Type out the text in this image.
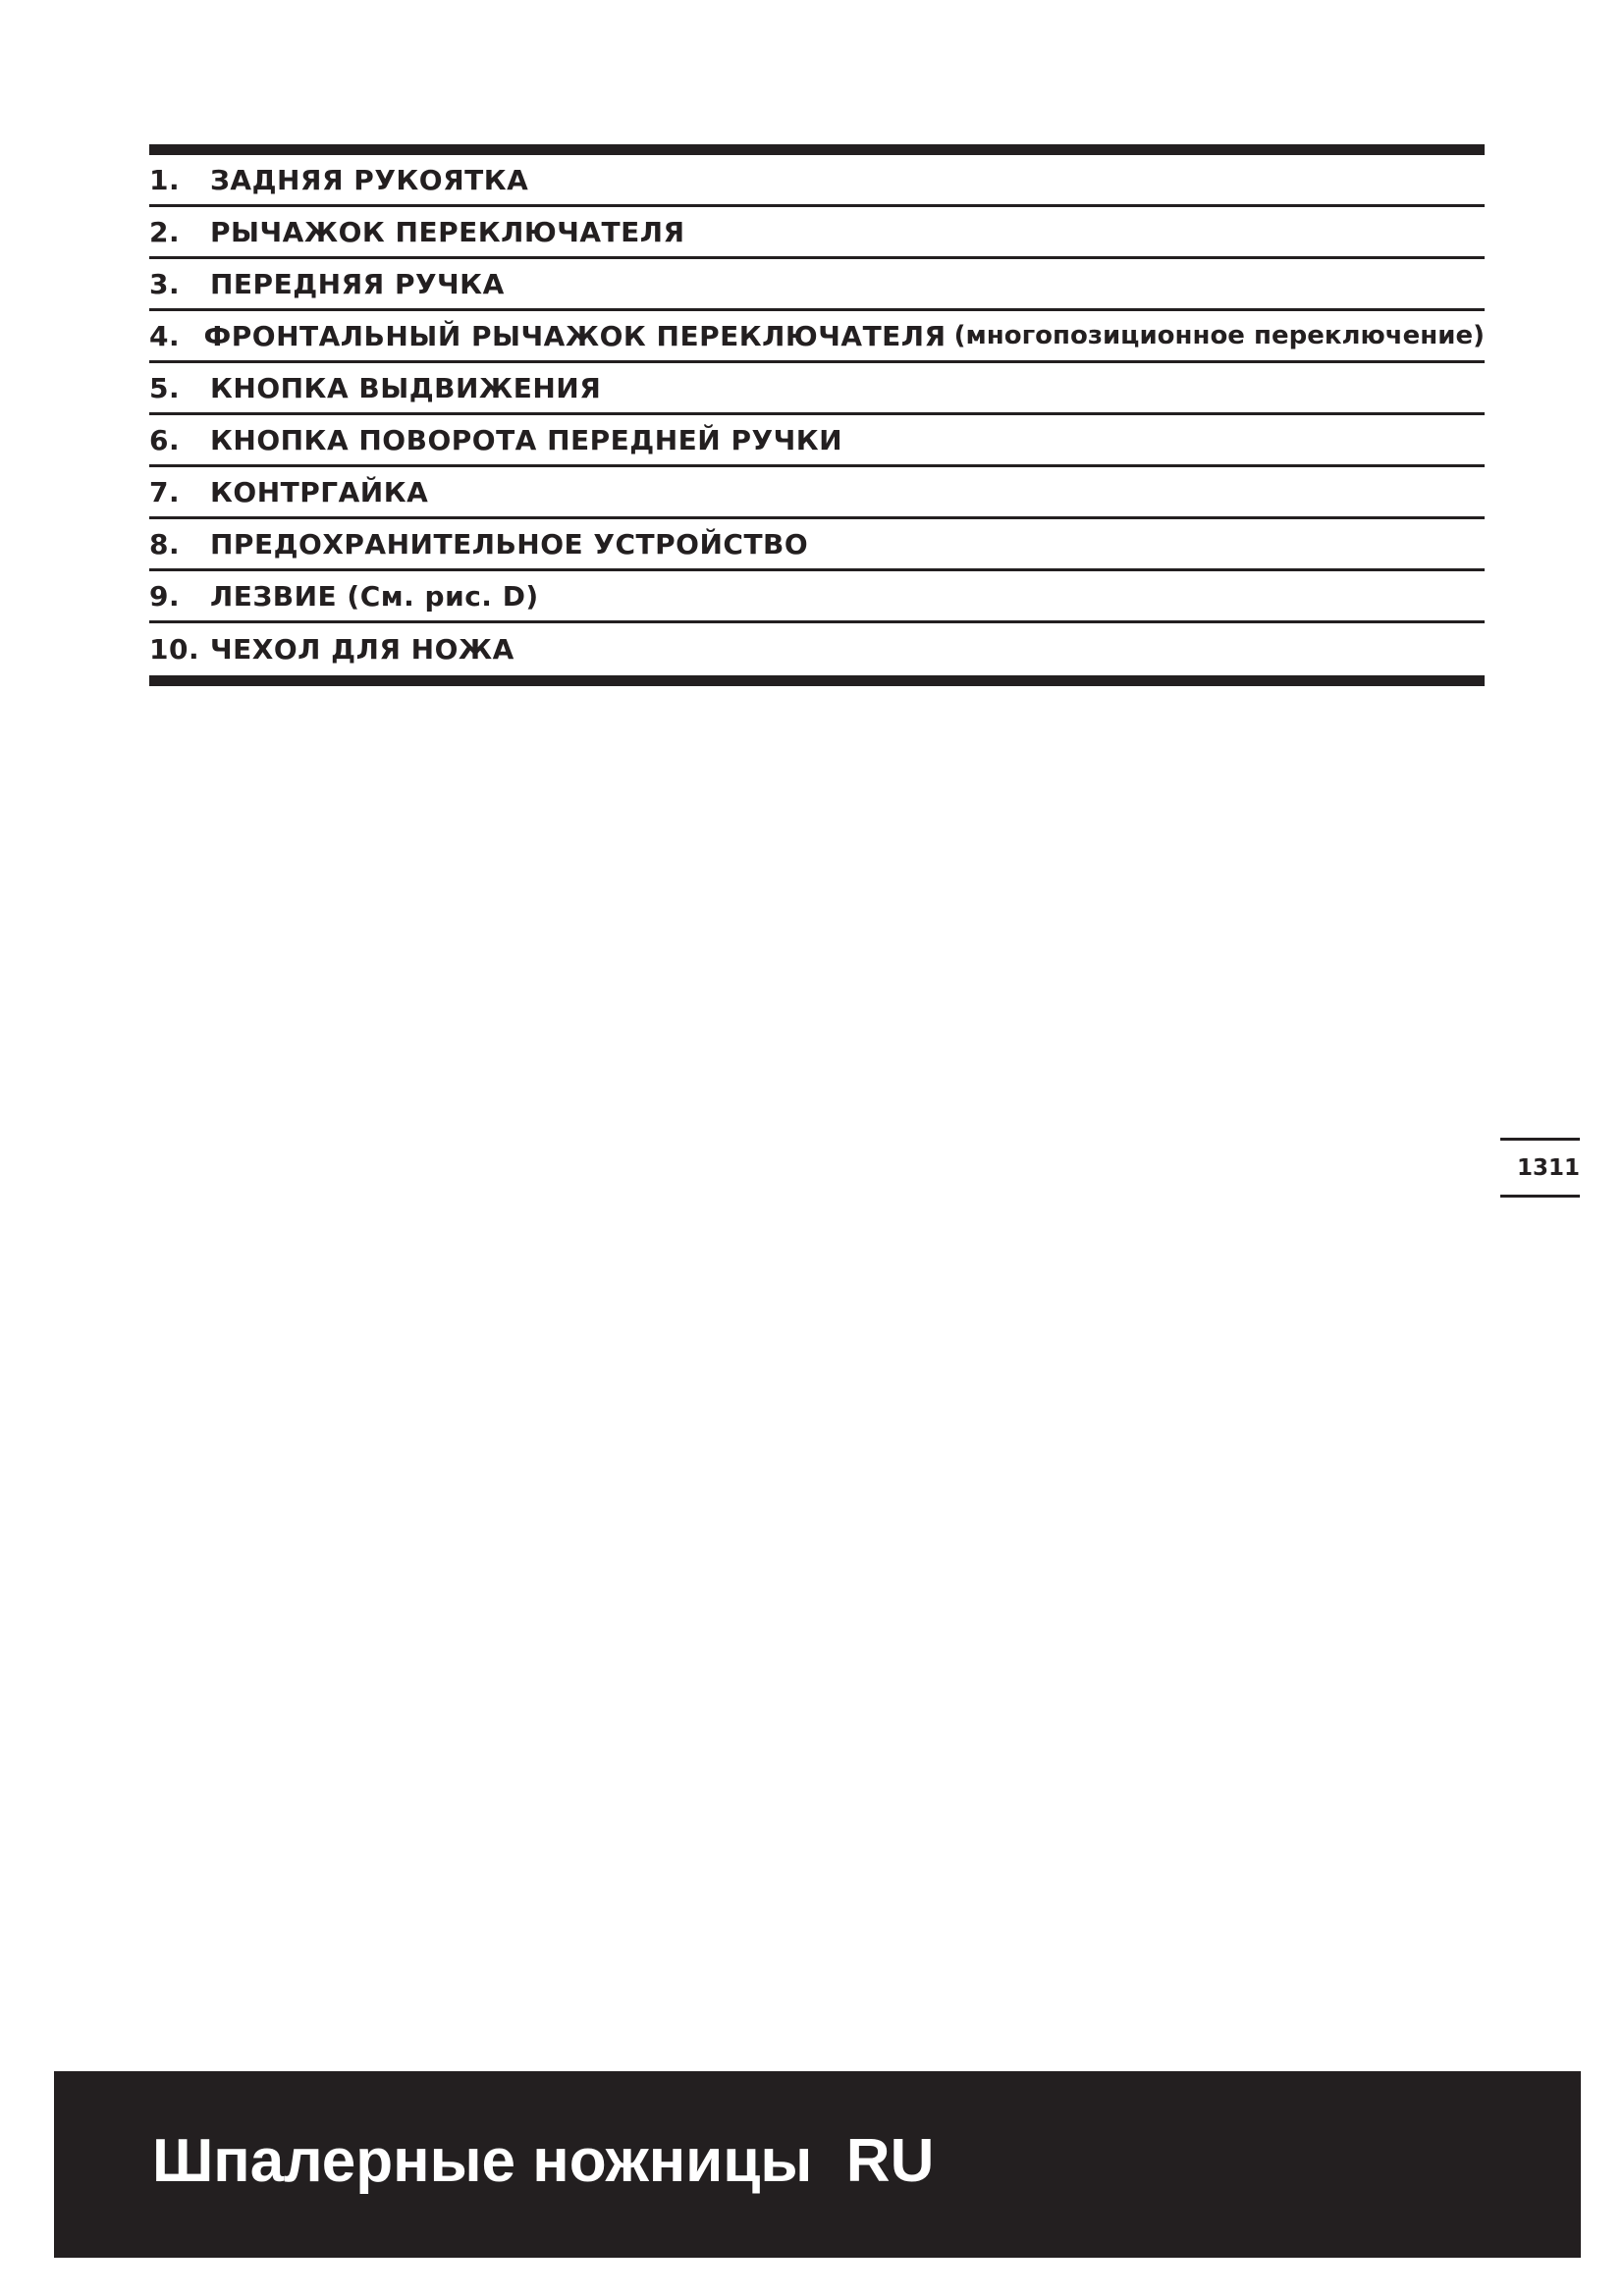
1.	ЗАДНЯЯ РУКОЯТКА
2.	РЫЧАЖОК ПЕРЕКЛЮЧАТЕЛЯ
3.	ПЕРЕДНЯЯ РУЧКА
4. ФРОНТАЛЬНЫЙ РЫЧАЖОК ПЕРЕКЛЮЧАТЕЛЯ (многопозиционное переключение)
5.	КНОПКА ВЫДВИЖЕНИЯ
6.	КНОПКА ПОВОРОТА ПЕРЕДНЕЙ РУЧКИ
7.	КОНТРГАЙКА
8.	ПРЕДОХРАНИТЕЛЬНОЕ УСТРОЙСТВО
9.	ЛЕЗВИЕ (См. рис. D)
10. ЧЕХОЛ ДЛЯ НОЖА
1311
Шпалерные ножницы  RU
